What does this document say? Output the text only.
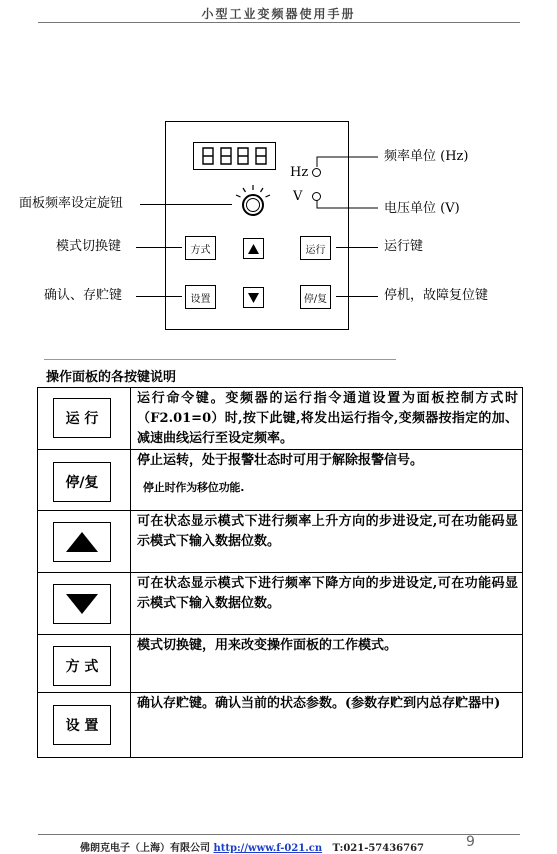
小型工业变频器使用手册
Hz
V
方式	运行
设置	停/复
频率单位 (Hz)
电压单位 (V)
面板频率设定旋钮
模式切换键	运行键
确认、存贮键	停机，故障复位键
操作面板的各按键说明
运 行	运行命令键。变频器的运行指令通道设置为面板控制方式时（F2.01=0）时,按下此键,将发出运行指令,变频器按指定的加、减速曲线运行至设定频率。

停/复	停止运转，处于报警壮态时可用于解除报警信号。
停止时作为移位功能.

	可在状态显示模式下进行频率上升方向的步进设定,可在功能码显示模式下输入数据位数。

	可在状态显示模式下进行频率下降方向的步进设定,可在功能码显示模式下输入数据位数。

方 式	模式切换键，用来改变操作面板的工作模式。

设 置	确认存贮键。确认当前的状态参数。(参数存贮到内总存贮器中)
佛朗克电子（上海）有限公司 http://www.f-021.cn T:021-57436767	9
